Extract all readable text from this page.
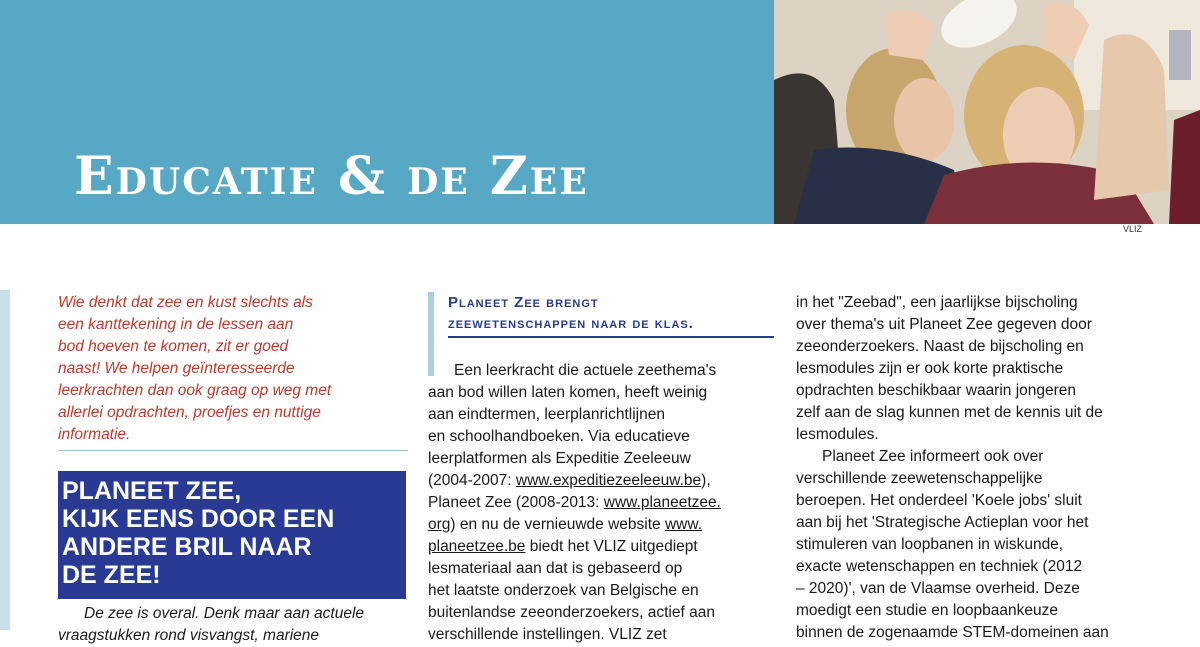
Educatie & de Zee
VLIZ
Wie denkt dat zee en kust slechts als
een kanttekening in de lessen aan
bod hoeven te komen, zit er goed
naast! We helpen geïnteresseerde
leerkrachten dan ook graag op weg met
allerlei opdrachten, proefjes en nuttige
informatie.
PLANEET ZEE,
KIJK EENS DOOR EEN
ANDERE BRIL NAAR
DE ZEE!
De zee is overal. Denk maar aan actuele
vraagstukken rond visvangst, mariene

Planeet Zee brengt
zeewetenschappen naar de klas.

Een leerkracht die actuele zeethema's
aan bod willen laten komen, heeft weinig
aan eindtermen, leerplanrichtlijnen
en schoolhandboeken. Via educatieve
leerplatformen als Expeditie Zeeleeuw
(2004-2007: www.expeditiezeeleeuw.be),
Planeet Zee (2008-2013: www.planeetzee.
org) en nu de vernieuwde website www.
planeetzee.be biedt het VLIZ uitgediept
lesmateriaal aan dat is gebaseerd op
het laatste onderzoek van Belgische en
buitenlandse zeeonderzoekers, actief aan
verschillende instellingen. VLIZ zet
in het "Zeebad", een jaarlijkse bijscholing
over thema's uit Planeet Zee gegeven door
zeeonderzoekers. Naast de bijscholing en
lesmodules zijn er ook korte praktische
opdrachten beschikbaar waarin jongeren
zelf aan de slag kunnen met de kennis uit de
lesmodules.
Planeet Zee informeert ook over
verschillende zeewetenschappelijke
beroepen. Het onderdeel 'Koele jobs' sluit
aan bij het 'Strategische Actieplan voor het
stimuleren van loopbanen in wiskunde,
exacte wetenschappen en techniek (2012
– 2020)', van de Vlaamse overheid. Deze
moedigt een studie en loopbaankeuze
binnen de zogenaamde STEM-domeinen aan
